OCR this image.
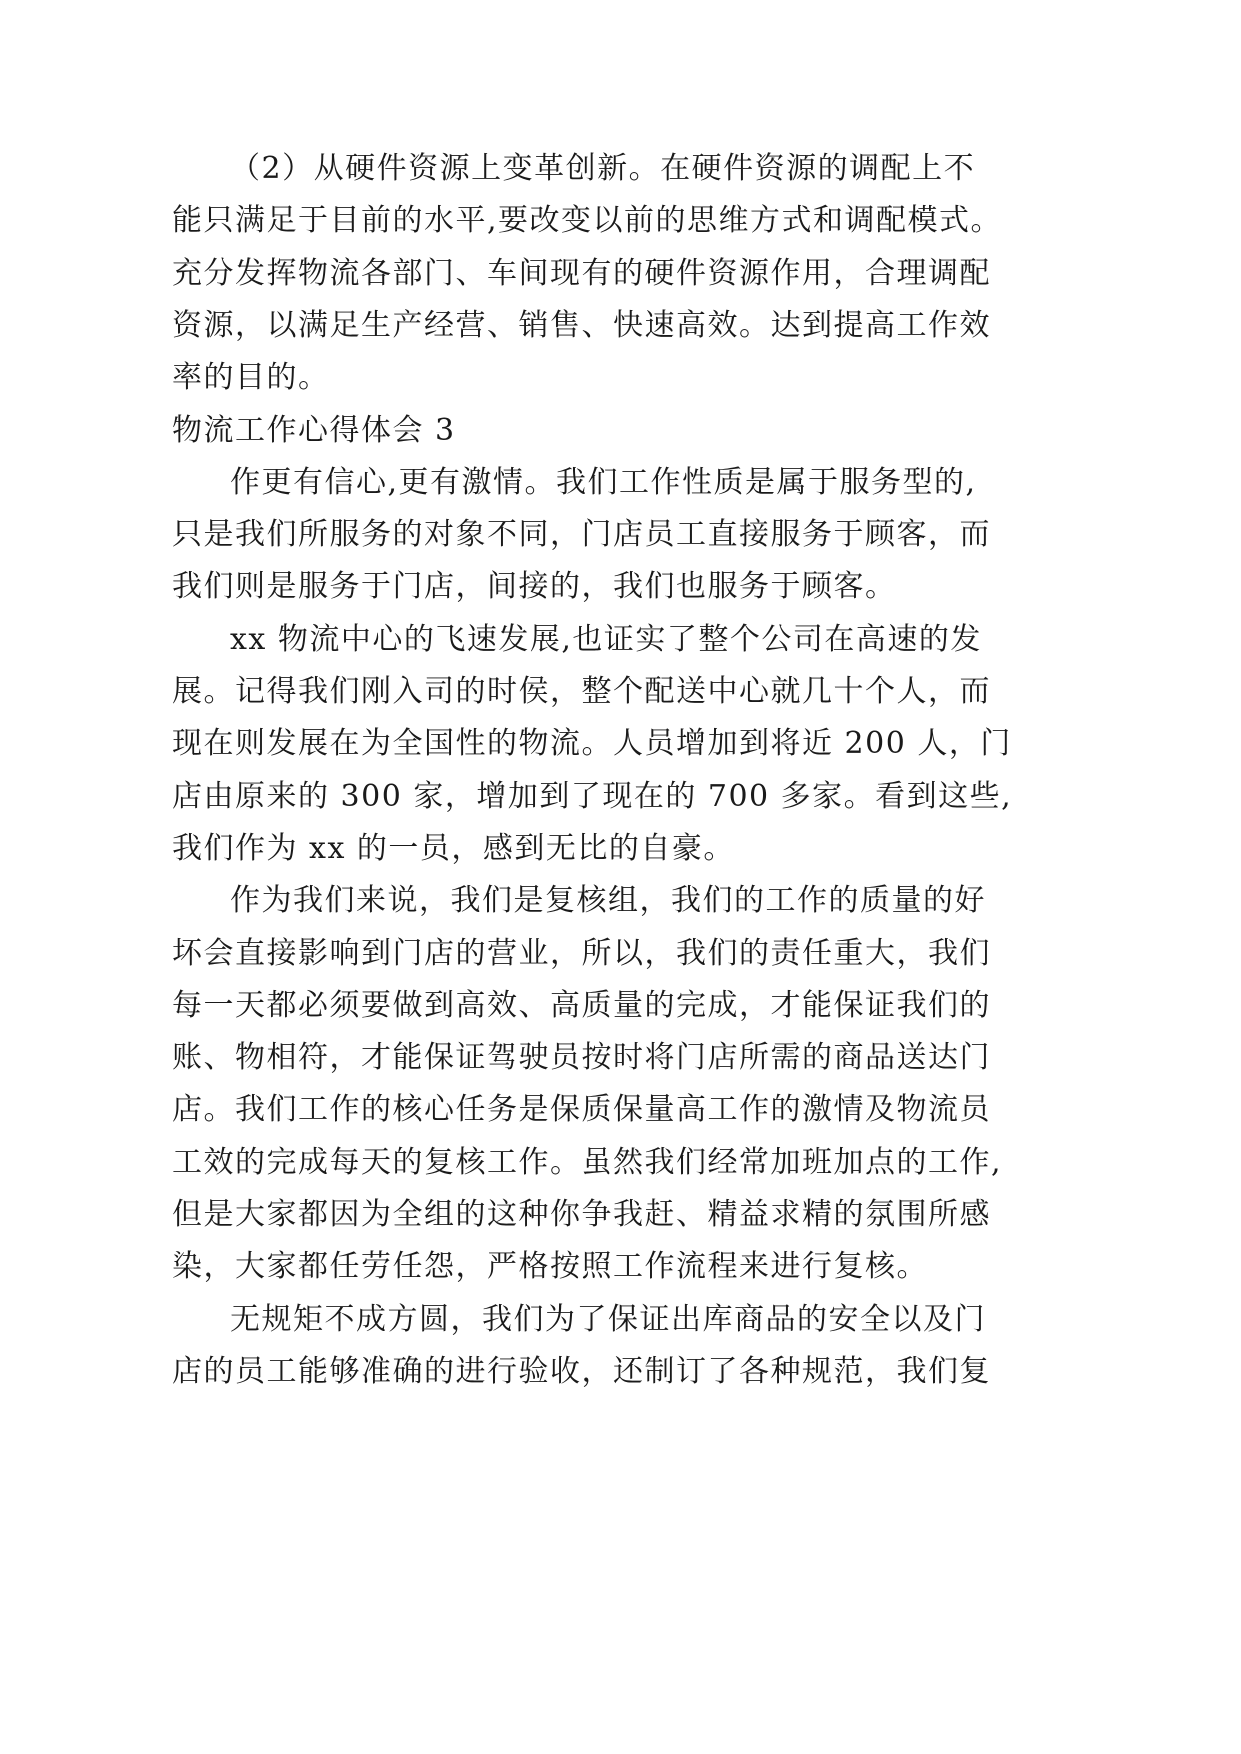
（2）从硬件资源上变革创新。在硬件资源的调配上不
能只满足于目前的水平,要改变以前的思维方式和调配模式。
充分发挥物流各部门、车间现有的硬件资源作用，合理调配
资源，以满足生产经营、销售、快速高效。达到提高工作效
率的目的。
物流工作心得体会 3
作更有信心,更有激情。我们工作性质是属于服务型的,
只是我们所服务的对象不同，门店员工直接服务于顾客，而
我们则是服务于门店，间接的，我们也服务于顾客。
xx 物流中心的飞速发展,也证实了整个公司在高速的发
展。记得我们刚入司的时侯，整个配送中心就几十个人，而
现在则发展在为全国性的物流。人员增加到将近 200 人，门
店由原来的 300 家，增加到了现在的 700 多家。看到这些,
我们作为 xx 的一员，感到无比的自豪。
作为我们来说，我们是复核组，我们的工作的质量的好
坏会直接影响到门店的营业，所以，我们的责任重大，我们
每一天都必须要做到高效、高质量的完成，才能保证我们的
账、物相符，才能保证驾驶员按时将门店所需的商品送达门
店。我们工作的核心任务是保质保量高工作的激情及物流员
工效的完成每天的复核工作。虽然我们经常加班加点的工作,
但是大家都因为全组的这种你争我赶、精益求精的氛围所感
染，大家都任劳任怨，严格按照工作流程来进行复核。
无规矩不成方圆，我们为了保证出库商品的安全以及门
店的员工能够准确的进行验收，还制订了各种规范，我们复
